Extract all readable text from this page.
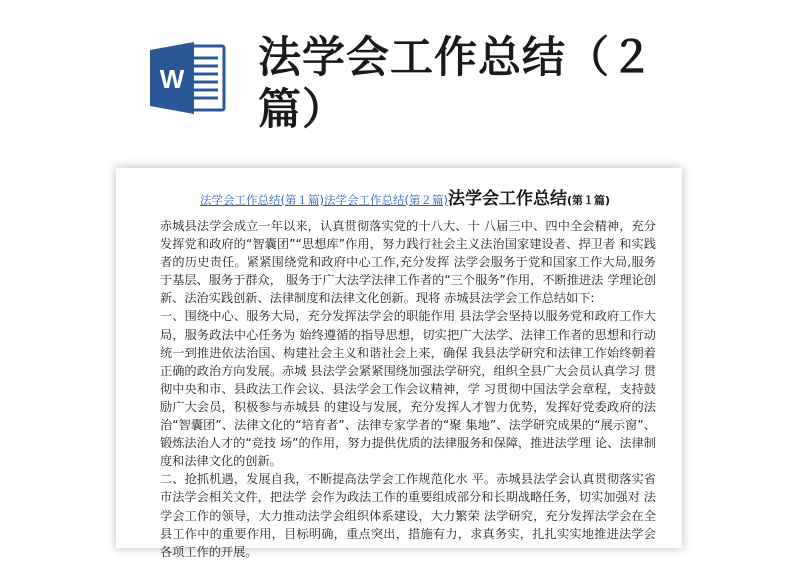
W 法学会工作总结（２篇）
法学会工作总结(第１篇)法学会工作总结(第２篇)法学会工作总结(第１篇)

赤城县法学会成立一年以来，认真贯彻落实党的十八大、十 八届三中、四中全会精神，充分发挥党和政府的“智囊团”“思想库”作用，努力践行社会主义法治国家建设者、捍卫者 和实践者的历史责任。紧紧围绕党和政府中心工作,充分发挥 法学会服务于党和国家工作大局,服务于基层、服务于群众， 服务于广大法学法律工作者的“三个服务”作用，不断推进法 学理论创新、法治实践创新、法律制度和法律文化创新。现将 赤城县法学会工作总结如下:

一、围绕中心、服务大局，充分发挥法学会的职能作用 县法学会坚持以服务党和政府工作大局，服务政法中心任务为 始终遵循的指导思想，切实把广大法学、法律工作者的思想和行动统一到推进依法治国、构建社会主义和谐社会上来，确保 我县法学研究和法律工作始终朝着正确的政治方向发展。赤城 县法学会紧紧围绕加强法学研究，组织全县广大会员认真学习 贯彻中央和市、县政法工作会议、县法学会工作会议精神，学 习贯彻中国法学会章程，支持鼓励广大会员，积极参与赤城县 的建设与发展，充分发挥人才智力优势，发挥好党委政府的法 治“智囊团”、法律文化的“培育者”、法律专家学者的“聚 集地”、法学研究成果的“展示窗”、锻炼法治人才的“竞技 场”的作用，努力提供优质的法律服务和保障，推进法学理 论、法律制度和法律文化的创新。

二、抢抓机遇，发展自我，不断提高法学会工作规范化水 平。赤城县法学会认真贯彻落实省市法学会相关文件，把法学 会作为政法工作的重要组成部分和长期战略任务，切实加强对 法学会工作的领导，大力推动法学会组织体系建设，大力繁荣 法学研究，充分发挥法学会在全县工作中的重要作用，目标明确，重点突出，措施有力，求真务实，扎扎实实地推进法学会各项工作的开展。
